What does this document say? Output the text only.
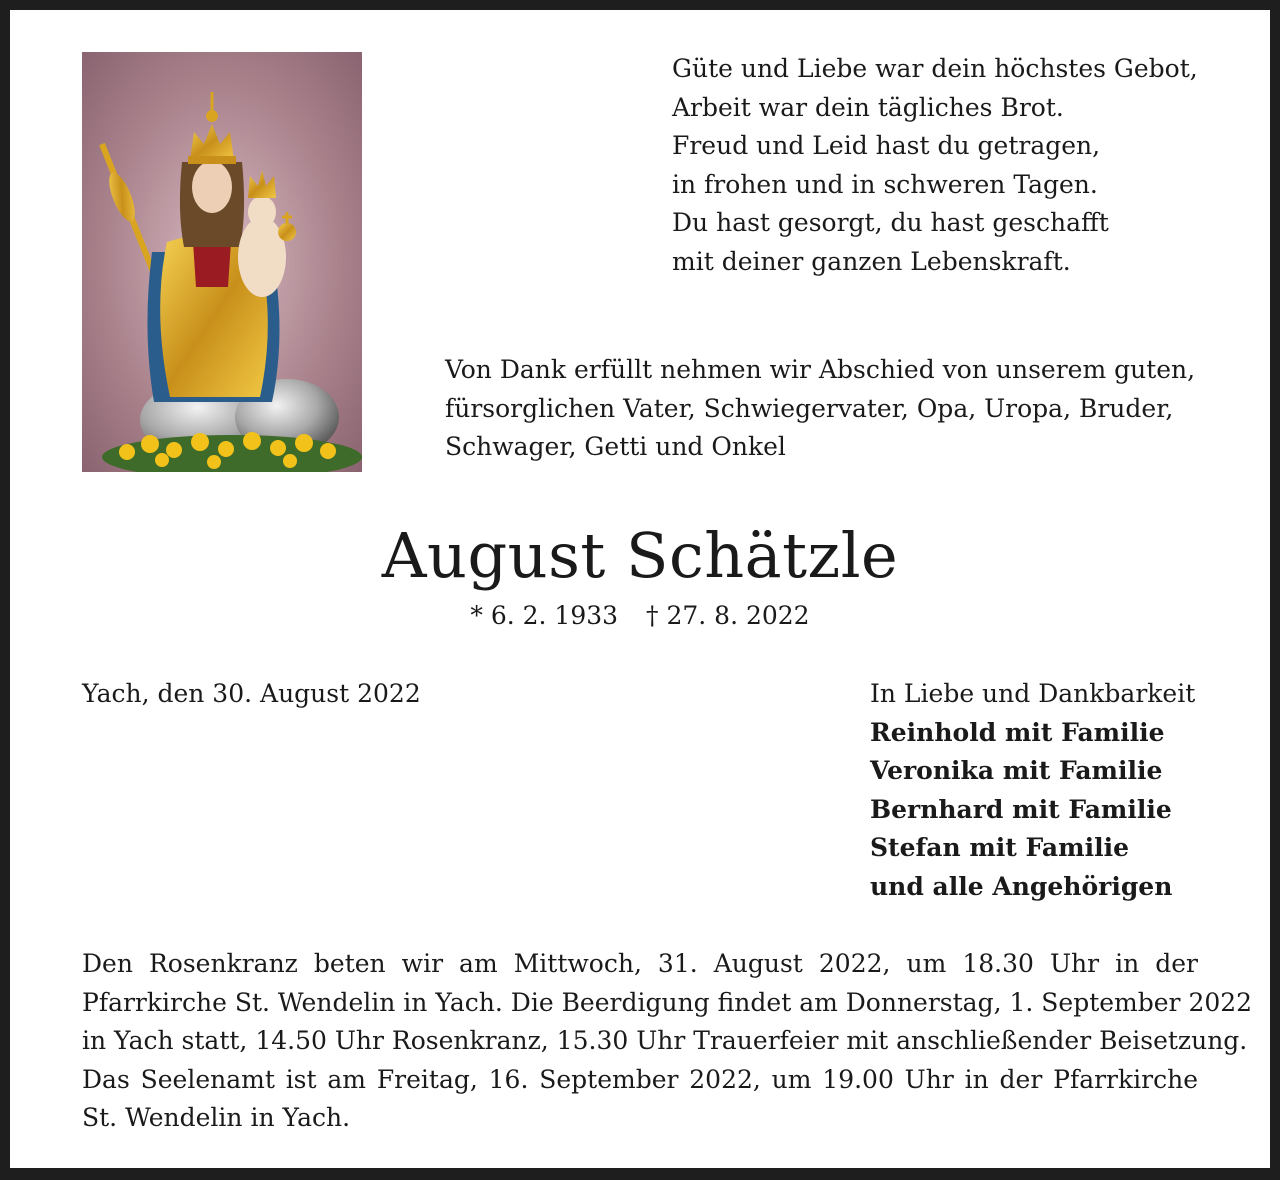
Güte und Liebe war dein höchstes Gebot,
Arbeit war dein tägliches Brot.
Freud und Leid hast du getragen,
in frohen und in schweren Tagen.
Du hast gesorgt, du hast geschafft
mit deiner ganzen Lebenskraft.
Von Dank erfüllt nehmen wir Abschied von unserem guten,
fürsorglichen Vater, Schwiegervater, Opa, Uropa, Bruder,
Schwager, Getti und Onkel
August Schätzle
* 6. 2. 1933 † 27. 8. 2022
Yach, den 30. August 2022	In Liebe und Dankbarkeit
Reinhold mit Familie
Veronika mit Familie
Bernhard mit Familie
Stefan mit Familie
und alle Angehörigen
Den Rosenkranz beten wir am Mittwoch, 31. August 2022, um 18.30 Uhr in der
Pfarrkirche St. Wendelin in Yach. Die Beerdigung findet am Donnerstag, 1. September 2022
in Yach statt, 14.50 Uhr Rosenkranz, 15.30 Uhr Trauerfeier mit anschließender Beisetzung.
Das Seelenamt ist am Freitag, 16. September 2022, um 19.00 Uhr in der Pfarrkirche
St. Wendelin in Yach.
